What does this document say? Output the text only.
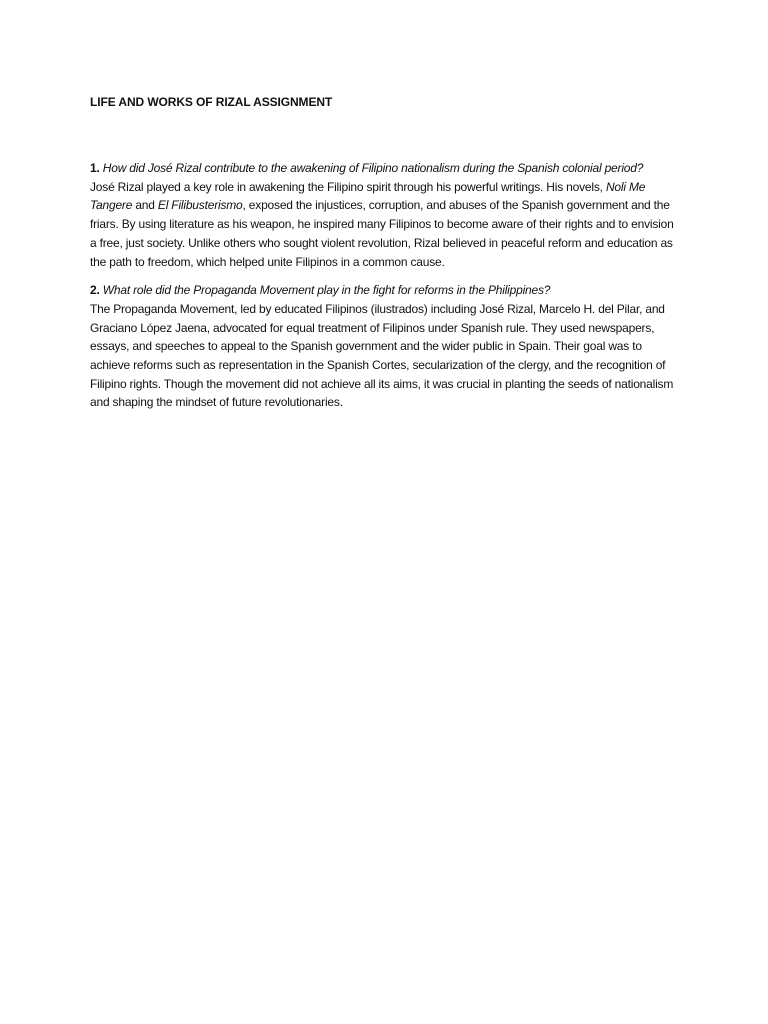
LIFE AND WORKS OF RIZAL ASSIGNMENT
1. How did José Rizal contribute to the awakening of Filipino nationalism during the Spanish colonial period?
José Rizal played a key role in awakening the Filipino spirit through his powerful writings. His novels, Noli Me Tangere and El Filibusterismo, exposed the injustices, corruption, and abuses of the Spanish government and the friars. By using literature as his weapon, he inspired many Filipinos to become aware of their rights and to envision a free, just society. Unlike others who sought violent revolution, Rizal believed in peaceful reform and education as the path to freedom, which helped unite Filipinos in a common cause.
2. What role did the Propaganda Movement play in the fight for reforms in the Philippines?
The Propaganda Movement, led by educated Filipinos (ilustrados) including José Rizal, Marcelo H. del Pilar, and Graciano López Jaena, advocated for equal treatment of Filipinos under Spanish rule. They used newspapers, essays, and speeches to appeal to the Spanish government and the wider public in Spain. Their goal was to achieve reforms such as representation in the Spanish Cortes, secularization of the clergy, and the recognition of Filipino rights. Though the movement did not achieve all its aims, it was crucial in planting the seeds of nationalism and shaping the mindset of future revolutionaries.
